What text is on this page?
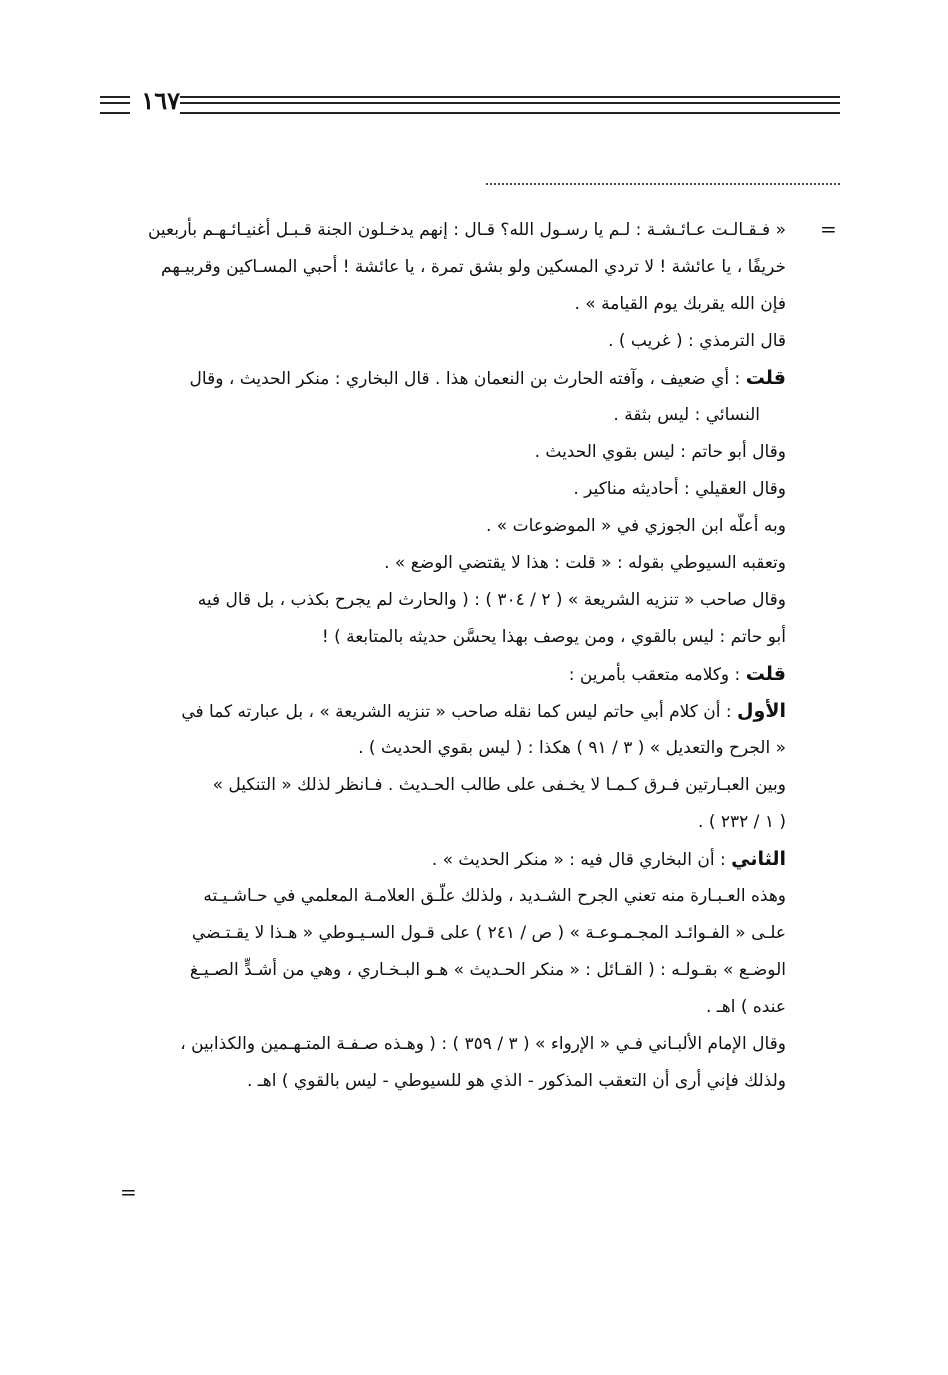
١٦٧
=
=
« فـقـالـت عـائـشـة : لـم يا رسـول الله؟ قـال : إنهم يدخـلون الجنة قـبـل أغنيـائـهـم بأربعين
خريفًا ، يا عائشة ! لا تردي المسكين ولو بشق تمرة ، يا عائشة ! أحبي المسـاكين وقربيـهم
فإن الله يقربك يوم القيامة » .
قال الترمذي : ( غريب ) .
قلت : أي ضعيف ، وآفته الحارث بن النعمان هذا . قال البخاري : منكر الحديث ، وقال
النسائي : ليس بثقة .
وقال أبو حاتم : ليس بقوي الحديث .
وقال العقيلي : أحاديثه مناكير .
وبه أعلّه ابن الجوزي في « الموضوعات » .
وتعقبه السيوطي بقوله : « قلت : هذا لا يقتضي الوضع » .
وقال صاحب « تنزيه الشريعة » ( ٢ / ٣٠٤ ) : ( والحارث لم يجرح بكذب ، بل قال فيه
أبو حاتم : ليس بالقوي ، ومن يوصف بهذا يحسَّن حديثه بالمتابعة ) !
قلت : وكلامه متعقب بأمرين :
الأول : أن كلام أبي حاتم ليس كما نقله صاحب « تنزيه الشريعة » ، بل عبارته كما في
« الجرح والتعديل » ( ٣ / ٩١ ) هكذا : ( ليس بقوي الحديث ) .
وبين العبـارتين فـرق كـمـا لا يخـفى على طالب الحـديث . فـانظر لذلك « التنكيل »
( ١ / ٢٣٢ ) .
الثاني : أن البخاري قال فيه : « منكر الحديث » .
وهذه العـبـارة منه تعني الجرح الشـديد ، ولذلك علّـق العلامـة المعلمي في حـاشـيـته
علـى « الفـوائـد المجـمـوعـة » ( ص / ٢٤١ ) على قـول السـيـوطي « هـذا لا يقـتـضي
الوضـع » بقـولـه : ( القـائل : « منكر الحـديث » هـو البـخـاري ، وهي من أشـدٍّ الصـيـغ
عنده ) اهـ .
وقال الإمام الألبـاني فـي « الإرواء » ( ٣ / ٣٥٩ ) : ( وهـذه صـفـة المتـهـمين والكذابين ،
ولذلك فإني أرى أن التعقب المذكور - الذي هو للسيوطي - ليس بالقوي ) اهـ .
